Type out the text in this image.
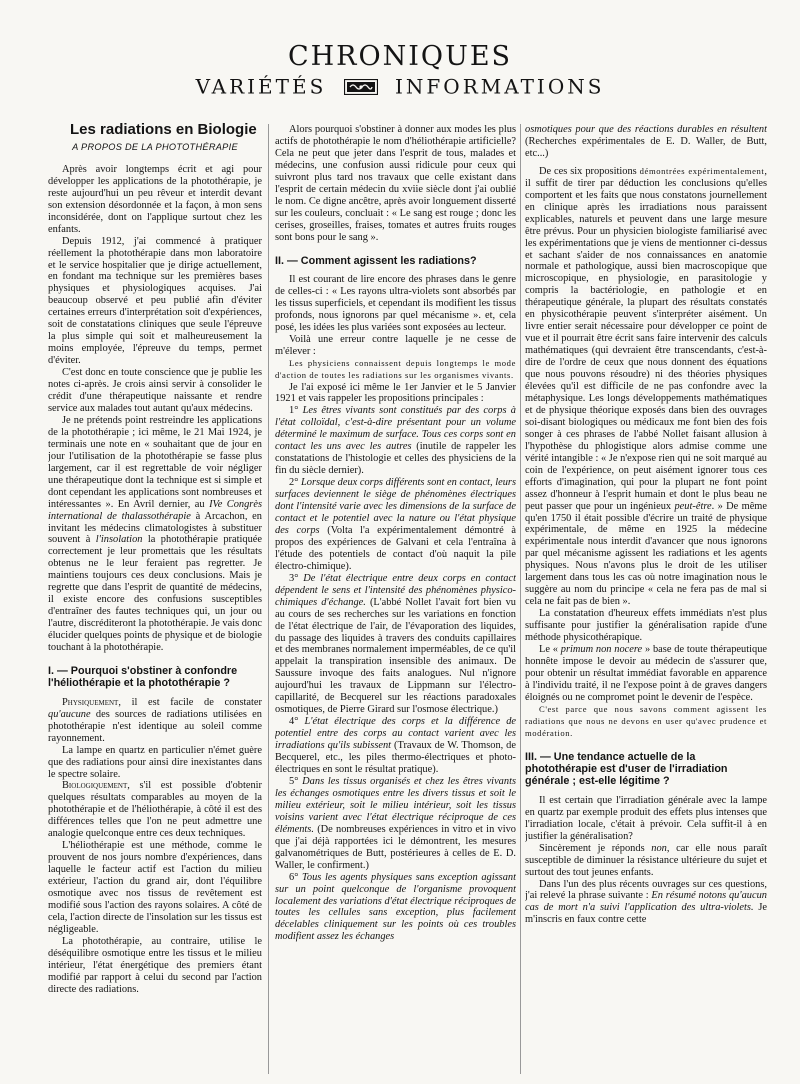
CHRONIQUES
VARIÉTÉS	INFORMATIONS
Les radiations en Biologie
A PROPOS DE LA PHOTOTHÉRAPIE

Après avoir longtemps écrit et agi pour développer les applications de la photothérapie, je reste aujourd'hui un peu rêveur et interdit devant son extension désordonnée et la façon, à mon sens inconsidérée, dont on l'applique surtout chez les enfants.

Depuis 1912, j'ai commencé à pratiquer réellement la photothérapie dans mon laboratoire et le service hospitalier que je dirige actuellement, en fondant ma technique sur les premières bases physiques et physiologiques acquises. J'ai beaucoup observé et peu publié afin d'éviter certaines erreurs d'interprétation soit d'expériences, soit de constatations cliniques que seule l'épreuve la plus simple qui soit et malheureusement la moins employée, l'épreuve du temps, permet d'éviter.

C'est donc en toute conscience que je publie les notes ci-après. Je crois ainsi servir à consolider le crédit d'une thérapeutique naissante et rendre service aux malades tout autant qu'aux médecins.

Je ne prétends point restreindre les applications de la photothérapie ; ici même, le 21 Mai 1924, je terminais une note en « souhaitant que de jour en jour l'utilisation de la photothérapie se fasse plus largement, car il est regrettable de voir négliger une thérapeutique dont la technique est si simple et dont cependant les applications sont nombreuses et intéressantes ». En Avril dernier, au IVe Congrès international de thalassothérapie à Arcachon, en invitant les médecins climatologistes à substituer souvent à l'insolation la photothérapie pratiquée correctement je leur promettais que les résultats obtenus ne le leur feraient pas regretter. Je maintiens toujours ces deux conclusions. Mais je regrette que dans l'esprit de quantité de médecins, il existe encore des confusions susceptibles d'entraîner des fautes techniques qui, un jour ou l'autre, discréditeront la photothérapie. Je vais donc élucider quelques points de physique et de biologie touchant à la photothérapie.

I. — Pourquoi s'obstiner à confondre l'héliothérapie et la photothérapie ?

Physiquement, il est facile de constater qu'aucune des sources de radiations utilisées en photothérapie n'est identique au soleil comme rayonnement.

La lampe en quartz en particulier n'émet guère que des radiations pour ainsi dire inexistantes dans le spectre solaire.

Biologiquement, s'il est possible d'obtenir quelques résultats comparables au moyen de la photothérapie et de l'héliothérapie, à côté il est des différences telles que l'on ne peut admettre une analogie quelconque entre ces deux techniques.

L'héliothérapie est une méthode, comme le prouvent de nos jours nombre d'expériences, dans laquelle le facteur actif est l'action du milieu extérieur, l'action du grand air, dont l'équilibre osmotique avec nos tissus de revêtement est modifié sous l'action des rayons solaires. A côté de cela, l'action directe de l'insolation sur les tissus est négligeable.

La photothérapie, au contraire, utilise le déséquilibre osmotique entre les tissus et le milieu intérieur, l'état énergétique des premiers étant modifié par rapport à celui du second par l'action directe des radiations.

Alors pourquoi s'obstiner à donner aux modes les plus actifs de photothérapie le nom d'héliothérapie artificielle? Cela ne peut que jeter dans l'esprit de tous, malades et médecins, une confusion aussi ridicule pour ceux qui suivront plus tard nos travaux que celle existant dans l'esprit de certain médecin du xviie siècle dont j'ai oublié le nom. Ce digne ancêtre, après avoir longuement disserté sur les couleurs, concluait : « Le sang est rouge ; donc les cerises, groseilles, fraises, tomates et autres fruits rouges sont bons pour le sang ».

II. — Comment agissent les radiations?

Il est courant de lire encore des phrases dans le genre de celles-ci : « Les rayons ultra-violets sont absorbés par les tissus superficiels, et cependant ils modifient les tissus profonds, nous ignorons par quel mécanisme ». et, cela posé, les idées les plus variées sont exposées au lecteur.

Voilà une erreur contre laquelle je ne cesse de m'élever :

Les physiciens connaissent depuis longtemps le mode d'action de toutes les radiations sur les organismes vivants.

Je l'ai exposé ici même le 1er Janvier et le 5 Janvier 1921 et vais rappeler les propositions principales :

1° Les êtres vivants sont constitués par des corps à l'état colloïdal, c'est-à-dire présentant pour un volume déterminé le maximum de surface. Tous ces corps sont en contact les uns avec les autres (inutile de rappeler les constatations de l'histologie et celles des physiciens de la fin du siècle dernier).

2° Lorsque deux corps différents sont en contact, leurs surfaces deviennent le siège de phénomènes électriques dont l'intensité varie avec les dimensions de la surface de contact et le potentiel avec la nature ou l'état physique des corps (Volta l'a expérimentalement démontré à propos des expériences de Galvani et cela l'entraîna à l'étude des potentiels de contact d'où naquit la pile électro-chimique).

3° De l'état électrique entre deux corps en contact dépendent le sens et l'intensité des phénomènes physico-chimiques d'échange. (L'abbé Nollet l'avait fort bien vu au cours de ses recherches sur les variations en fonction de l'état électrique de l'air, de l'évaporation des liquides, du passage des liquides à travers des conduits capillaires et des membranes normalement imperméables, de ce qu'il appelait la transpiration insensible des animaux. De Saussure invoque des faits analogues. Nul n'ignore aujourd'hui les travaux de Lippmann sur l'électro-capillarité, de Becquerel sur les réactions paradoxales osmotiques, de Pierre Girard sur l'osmose électrique.)

4° L'état électrique des corps et la différence de potentiel entre des corps au contact varient avec les irradiations qu'ils subissent (Travaux de W. Thomson, de Becquerel, etc., les piles thermo-électriques et photo-électriques en sont le résultat pratique).

5° Dans les tissus organisés et chez les êtres vivants les échanges osmotiques entre les divers tissus et soit le milieu extérieur, soit le milieu intérieur, soit les tissus voisins varient avec l'état électrique réciproque de ces éléments. (De nombreuses expériences in vitro et in vivo que j'ai déjà rapportées ici le démontrent, les mesures galvanométriques de Butt, postérieures à celles de E. D. Waller, le confirment.)

6° Tous les agents physiques sans exception agissant sur un point quelconque de l'organisme provoquent localement des variations d'état électrique réciproques de toutes les cellules sans exception, plus facilement décelables cliniquement sur les points où ces troubles modifient assez les échanges

osmotiques pour que des réactions durables en résultent (Recherches expérimentales de E. D. Waller, de Butt, etc...)

De ces six propositions démontrées expérimentalement, il suffit de tirer par déduction les conclusions qu'elles comportent et les faits que nous constatons journellement en clinique après les irradiations nous paraissent explicables, naturels et peuvent dans une large mesure être prévus. Pour un physicien biologiste familiarisé avec les expérimentations que je viens de mentionner ci-dessus et sachant s'aider de nos connaissances en anatomie normale et pathologique, aussi bien macroscopique que microscopique, en physiologie, en parasitologie y compris la bactériologie, en pathologie et en thérapeutique générale, la plupart des résultats constatés en physicothérapie peuvent s'interpréter aisément. Un livre entier serait nécessaire pour développer ce point de vue et il pourrait être écrit sans faire intervenir des calculs mathématiques (qui devraient être transcendants, c'est-à-dire de l'ordre de ceux que nous donnent des équations que nous pouvons résoudre) ni des théories physiques élevées qu'il est difficile de ne pas confondre avec la métaphysique. Les longs développements mathématiques et de physique théorique exposés dans bien des ouvrages soi-disant biologiques ou médicaux me font bien des fois songer à ces phrases de l'abbé Nollet faisant allusion à l'hypothèse du phlogistique alors admise comme une vérité intangible : « Je n'expose rien qui ne soit marqué au coin de l'expérience, on peut aisément ignorer tous ces efforts d'imagination, qui pour la plupart ne font point assez d'honneur à l'esprit humain et dont le plus beau ne peut passer que pour un ingénieux peut-être. » De même qu'en 1750 il était possible d'écrire un traité de physique expérimentale, de même en 1925 la médecine expérimentale nous interdit d'avancer que nous ignorons par quel mécanisme agissent les radiations et les agents physiques. Nous n'avons plus le droit de les utiliser largement dans tous les cas où notre imagination nous le suggère au nom du principe « cela ne fera pas de mal si cela ne fait pas de bien ».

La constatation d'heureux effets immédiats n'est plus suffisante pour justifier la généralisation rapide d'une méthode physicothérapique.

Le « primum non nocere » base de toute thérapeutique honnête impose le devoir au médecin de s'assurer que, pour obtenir un résultat immédiat favorable en apparence à l'individu traité, il ne l'expose point à de graves dangers éloignés ou ne compromet point le devenir de l'espèce.

C'est parce que nous savons comment agissent les radiations que nous ne devons en user qu'avec prudence et modération.

III. — Une tendance actuelle de la photothérapie est d'user de l'irradiation générale ; est-elle légitime ?

Il est certain que l'irradiation générale avec la lampe en quartz par exemple produit des effets plus intenses que l'irradiation locale, c'était à prévoir. Cela suffit-il à en justifier la généralisation?

Sincèrement je réponds non, car elle nous paraît susceptible de diminuer la résistance ultérieure du sujet et surtout des tout jeunes enfants.

Dans l'un des plus récents ouvrages sur ces questions, j'ai relevé la phrase suivante : En résumé notons qu'aucun cas de mort n'a suivi l'application des ultra-violets. Je m'inscris en faux contre cette
